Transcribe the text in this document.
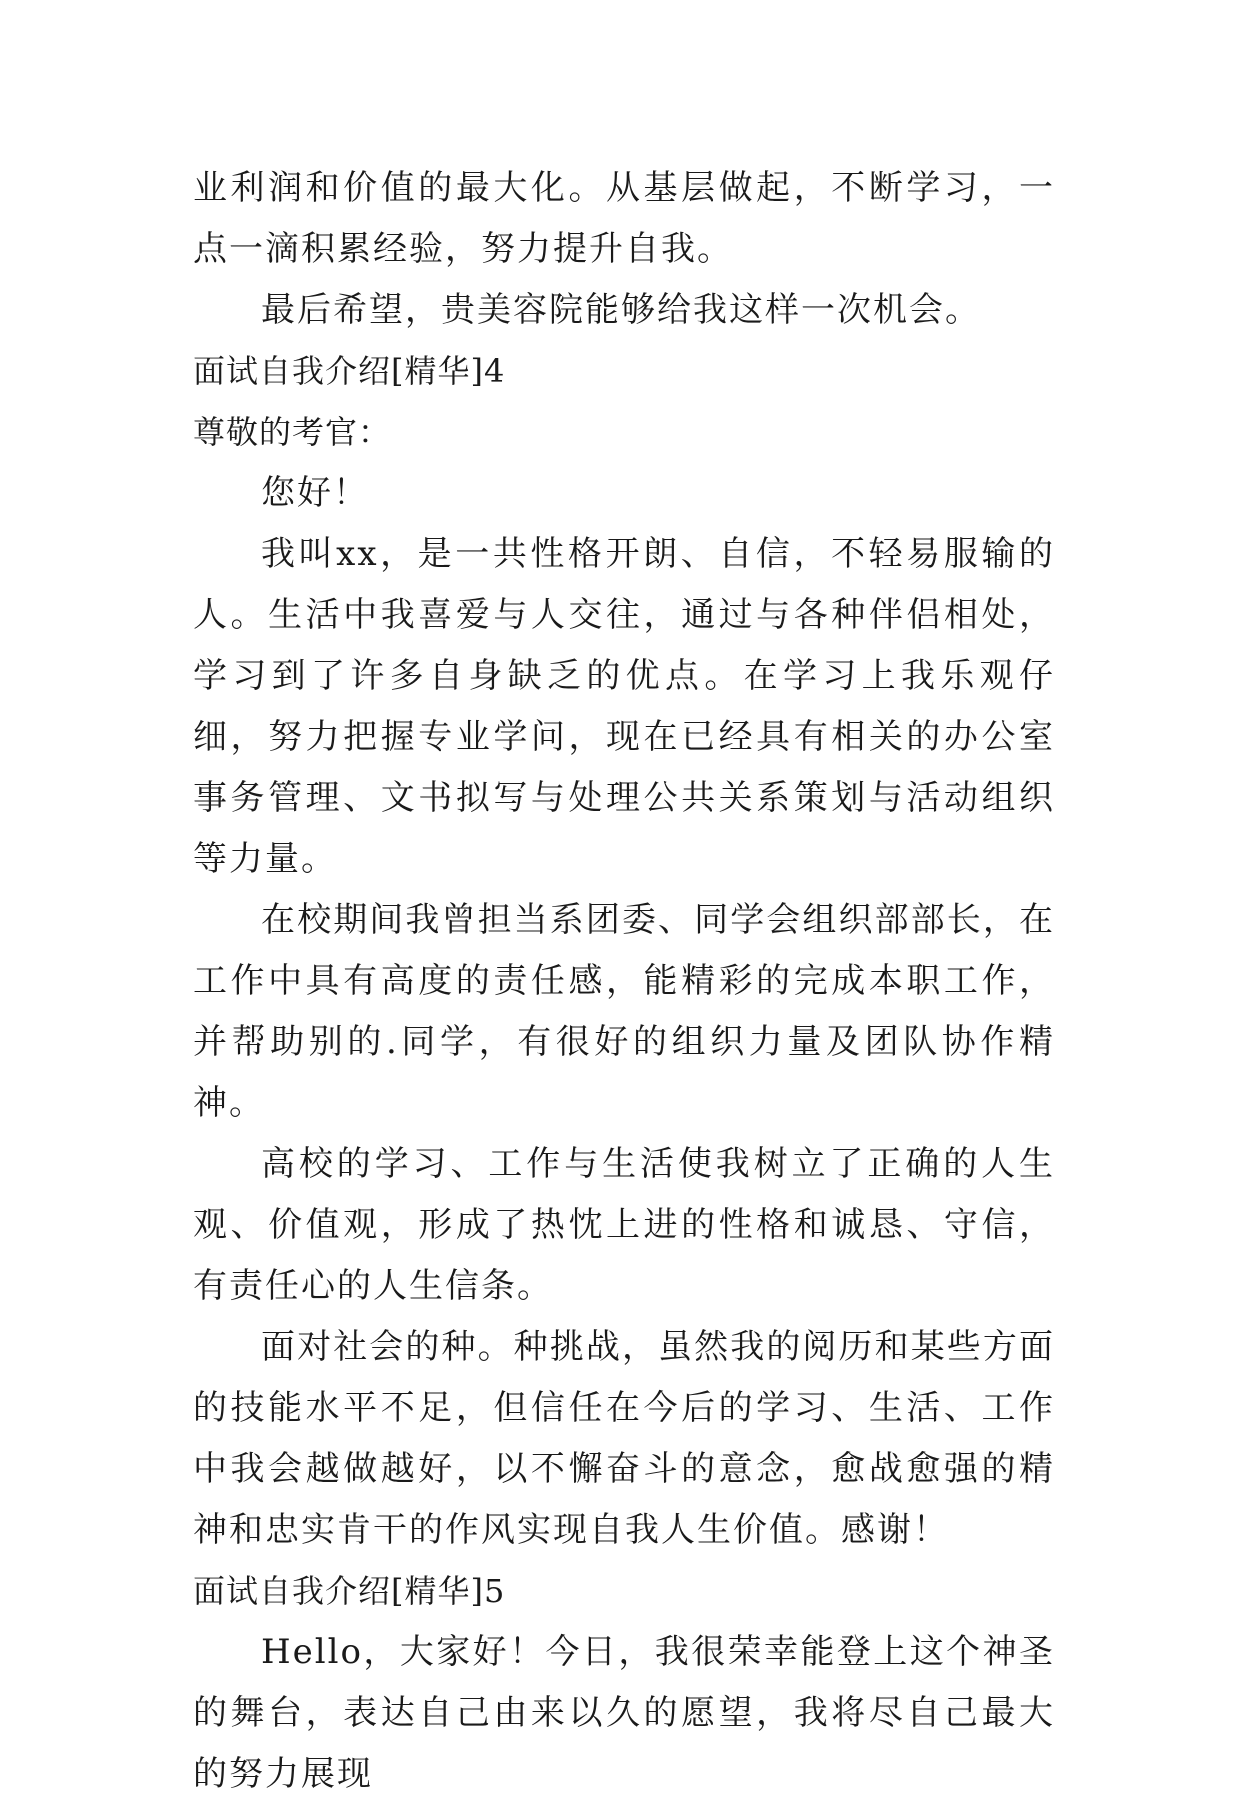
业利润和价值的最大化。从基层做起，不断学习，一点一滴积累经验，努力提升自我。

最后希望，贵美容院能够给我这样一次机会。

面试自我介绍[精华]4

尊敬的考官：

您好！

我叫xx，是一共性格开朗、自信，不轻易服输的人。生活中我喜爱与人交往，通过与各种伴侣相处，学习到了许多自身缺乏的优点。在学习上我乐观仔细，努力把握专业学问，现在已经具有相关的办公室事务管理、文书拟写与处理公共关系策划与活动组织等力量。

在校期间我曾担当系团委、同学会组织部部长，在工作中具有高度的责任感，能精彩的完成本职工作，并帮助别的.同学，有很好的组织力量及团队协作精神。

高校的学习、工作与生活使我树立了正确的人生观、价值观，形成了热忱上进的性格和诚恳、守信，有责任心的人生信条。

面对社会的种。种挑战，虽然我的阅历和某些方面的技能水平不足，但信任在今后的学习、生活、工作中我会越做越好，以不懈奋斗的意念，愈战愈强的精神和忠实肯干的作风实现自我人生价值。感谢！

面试自我介绍[精华]5

Hello，大家好！今日，我很荣幸能登上这个神圣的舞台，表达自己由来以久的愿望，我将尽自己最大的努力展现
